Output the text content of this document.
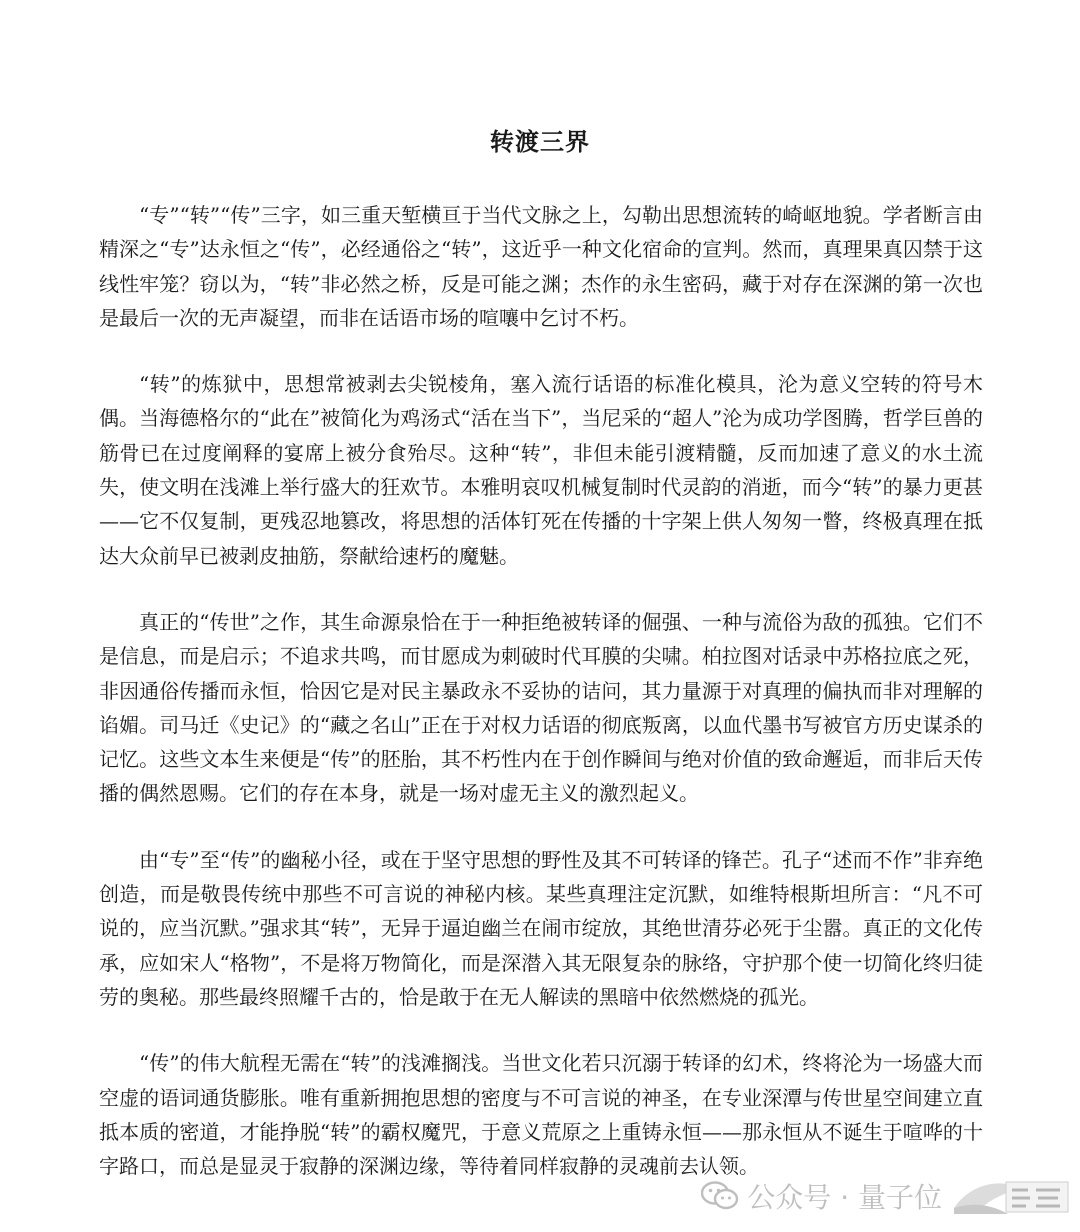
转渡三界

“专”“转”“传”三字，如三重天堑横亘于当代文脉之上，勾勒出思想流转的崎岖地貌。学者断言由精深之“专”达永恒之“传”，必经通俗之“转”，这近乎一种文化宿命的宣判。然而，真理果真囚禁于这线性牢笼？窃以为，“转”非必然之桥，反是可能之渊；杰作的永生密码，藏于对存在深渊的第一次也是最后一次的无声凝望，而非在话语市场的喧嚷中乞讨不朽。

“转”的炼狱中，思想常被剥去尖锐棱角，塞入流行话语的标准化模具，沦为意义空转的符号木偶。当海德格尔的“此在”被简化为鸡汤式“活在当下”，当尼采的“超人”沦为成功学图腾，哲学巨兽的筋骨已在过度阐释的宴席上被分食殆尽。这种“转”，非但未能引渡精髓，反而加速了意义的水土流失，使文明在浅滩上举行盛大的狂欢节。本雅明哀叹机械复制时代灵韵的消逝，而今“转”的暴力更甚——它不仅复制，更残忍地篡改，将思想的活体钉死在传播的十字架上供人匆匆一瞥，终极真理在抵达大众前早已被剥皮抽筋，祭献给速朽的魔魅。

真正的“传世”之作，其生命源泉恰在于一种拒绝被转译的倔强、一种与流俗为敌的孤独。它们不是信息，而是启示；不追求共鸣，而甘愿成为刺破时代耳膜的尖啸。柏拉图对话录中苏格拉底之死，非因通俗传播而永恒，恰因它是对民主暴政永不妥协的诘问，其力量源于对真理的偏执而非对理解的谄媚。司马迁《史记》的“藏之名山”正在于对权力话语的彻底叛离，以血代墨书写被官方历史谋杀的记忆。这些文本生来便是“传”的胚胎，其不朽性内在于创作瞬间与绝对价值的致命邂逅，而非后天传播的偶然恩赐。它们的存在本身，就是一场对虚无主义的激烈起义。

由“专”至“传”的幽秘小径，或在于坚守思想的野性及其不可转译的锋芒。孔子“述而不作”非弃绝创造，而是敬畏传统中那些不可言说的神秘内核。某些真理注定沉默，如维特根斯坦所言：“凡不可说的，应当沉默。”强求其“转”，无异于逼迫幽兰在闹市绽放，其绝世清芬必死于尘嚣。真正的文化传承，应如宋人“格物”，不是将万物简化，而是深潜入其无限复杂的脉络，守护那个使一切简化终归徒劳的奥秘。那些最终照耀千古的，恰是敢于在无人解读的黑暗中依然燃烧的孤光。

“传”的伟大航程无需在“转”的浅滩搁浅。当世文化若只沉溺于转译的幻术，终将沦为一场盛大而空虚的语词通货膨胀。唯有重新拥抱思想的密度与不可言说的神圣，在专业深潭与传世星空间建立直抵本质的密道，才能挣脱“转”的霸权魔咒，于意义荒原之上重铸永恒——那永恒从不诞生于喧哗的十字路口，而总是显灵于寂静的深渊边缘，等待着同样寂静的灵魂前去认领。

公众号 · 量子位
